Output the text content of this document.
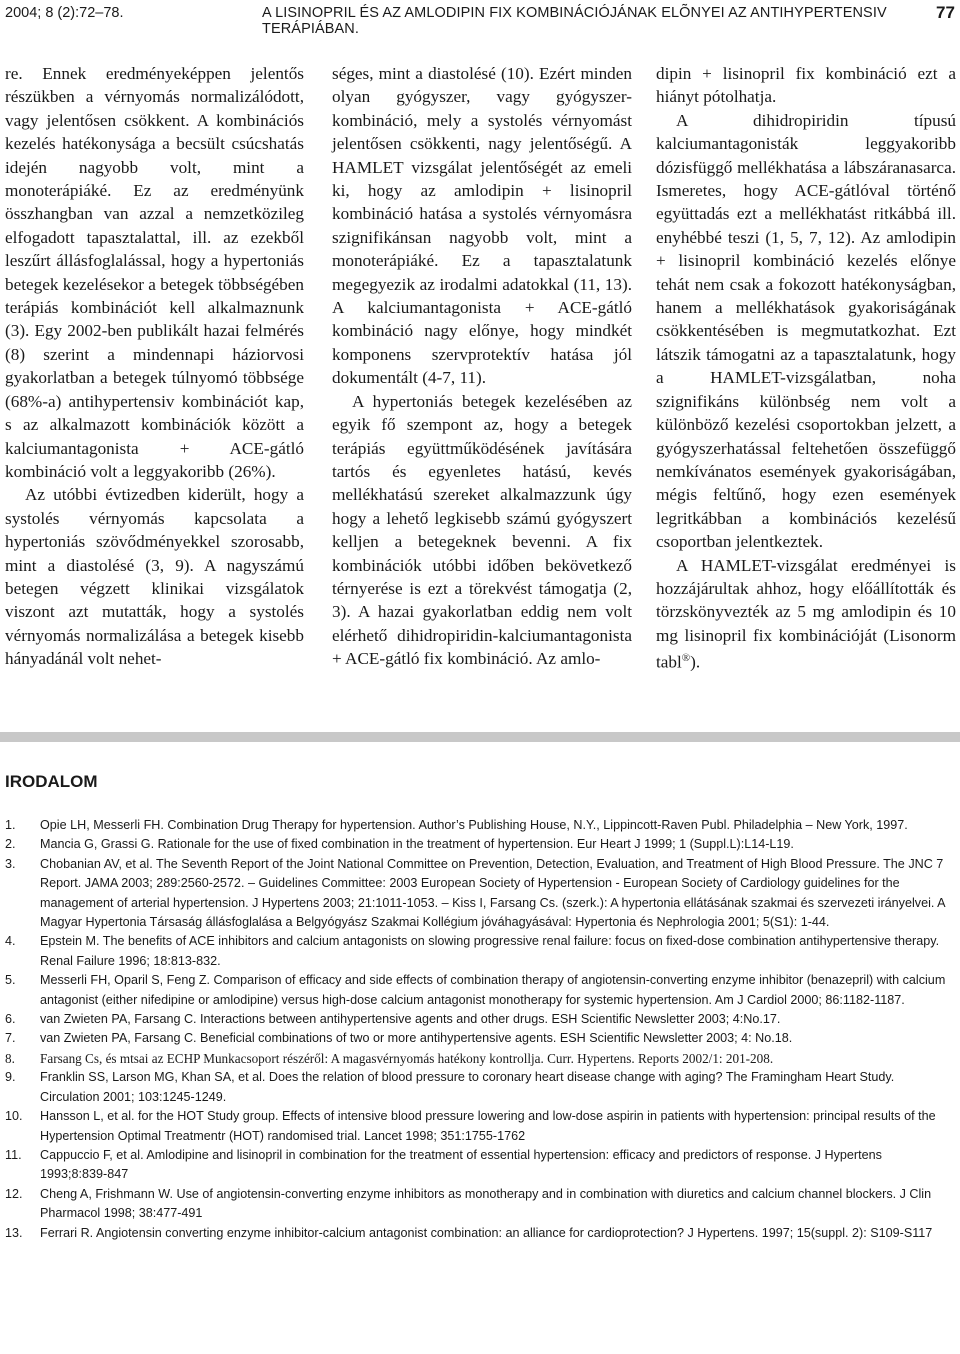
2004; 8 (2):72–78.	A LISINOPRIL ÉS AZ AMLODIPIN FIX KOMBINÁCIÓJÁNAK ELÕNYEI AZ ANTIHYPERTENSIV TERÁPIÁBAN.
77

re. Ennek eredményeképpen jelentős részükben a vérnyomás normalizálódott, vagy jelentősen csökkent. A kombinációs kezelés hatékonysága a becsült csúcshatás idején nagyobb volt, mint a monoterápiáké. Ez az eredményünk összhangban van azzal a nemzetközileg elfogadott tapasztalattal, ill. az ezekből leszűrt állásfoglalással, hogy a hypertoniás betegek kezelésekor a betegek többségében terápiás kombinációt kell alkalmaznunk (3). Egy 2002-ben publikált hazai felmérés (8) szerint a mindennapi háziorvosi gyakorlatban a betegek túlnyomó többsége (68%-a) antihypertensiv kombinációt kap, s az alkalmazott kombinációk között a kalciumantagonista + ACE-gátló kombináció volt a leggyakoribb (26%).

Az utóbbi évtizedben kiderült, hogy a systolés vérnyomás kapcsolata a hypertoniás szövődményekkel szorosabb, mint a diastolésé (3, 9). A nagyszámú betegen végzett klinikai vizsgálatok viszont azt mutatták, hogy a systolés vérnyomás normalizálása a betegek kisebb hányadánál volt nehet-

séges, mint a diastolésé (10). Ezért minden olyan gyógyszer, vagy gyógyszer-kombináció, mely a systolés vérnyomást jelentősen csökkenti, nagy jelentőségű. A HAMLET vizsgálat jelentőségét az emeli ki, hogy az amlodipin + lisinopril kombináció hatása a systolés vérnyomásra szignifikánsan nagyobb volt, mint a monoterápiáké. Ez a tapasztalatunk megegyezik az irodalmi adatokkal (11, 13). A kalciumantagonista + ACE-gátló kombináció nagy előnye, hogy mindkét komponens szervprotektív hatása jól dokumentált (4-7, 11).

A hypertoniás betegek kezelésében az egyik fő szempont az, hogy a betegek terápiás együttműködésének javítására tartós és egyenletes hatású, kevés mellékhatású szereket alkalmazzunk úgy hogy a lehető legkisebb számú gyógyszert kelljen a betegeknek bevenni. A fix kombinációk utóbbi időben bekövetkező térnyerése is ezt a törekvést támogatja (2, 3). A hazai gyakorlatban eddig nem volt elérhető dihidropiridin-kalciumantagonista + ACE-gátló fix kombináció. Az amlo-

dipin + lisinopril fix kombináció ezt a hiányt pótolhatja.

A dihidropiridin típusú kalciumantagonisták leggyakoribb dózisfüggő mellékhatása a lábszáranasarca. Ismeretes, hogy ACE-gátlóval történő együttadás ezt a mellékhatást ritkábbá ill. enyhébbé teszi (1, 5, 7, 12). Az amlodipin + lisinopril kombináció kezelés előnye tehát nem csak a fokozott hatékonyságban, hanem a mellékhatások gyakoriságának csökkentésében is megmutatkozhat. Ezt látszik támogatni az a tapasztalatunk, hogy a HAMLET-vizsgálatban, noha szignifikáns különbség nem volt a különböző kezelési csoportokban jelzett, a gyógyszerhatással feltehetően összefüggő nemkívánatos események gyakoriságában, mégis feltűnő, hogy ezen események legritkábban a kombinációs kezelésű csoportban jelentkeztek.

A HAMLET-vizsgálat eredményei is hozzájárultak ahhoz, hogy előállították és törzskönyvezték az 5 mg amlodipin és 10 mg lisinopril fix kombinációját (Lisonorm tabl®).

IRODALOM
1. Opie LH, Messerli FH. Combination Drug Therapy for hypertension. Author’s Publishing House, N.Y., Lippincott-Raven Publ. Philadelphia – New York, 1997.
2. Mancia G, Grassi G. Rationale for the use of fixed combination in the treatment of hypertension. Eur Heart J 1999; 1 (Suppl.L):L14-L19.
3. Chobanian AV, et al. The Seventh Report of the Joint National Committee on Prevention, Detection, Evaluation, and Treatment of High Blood Pressure. The JNC 7 Report. JAMA 2003; 289:2560-2572. – Guidelines Committee: 2003 European Society of Hypertension - European Society of Cardiology guidelines for the management of arterial hypertension. J Hypertens 2003; 21:1011-1053. – Kiss I, Farsang Cs. (szerk.): A hypertonia ellátásának szakmai és szervezeti irányelvei. A Magyar Hypertonia Társaság állásfoglalása a Belgyógyász Szakmai Kollégium jóváhagyásával: Hypertonia és Nephrologia 2001; 5(S1): 1-44.
4. Epstein M. The benefits of ACE inhibitors and calcium antagonists on slowing progressive renal failure: focus on fixed-dose combination antihypertensive therapy. Renal Failure 1996; 18:813-832.
5. Messerli FH, Oparil S, Feng Z. Comparison of efficacy and side effects of combination therapy of angiotensin-converting enzyme inhibitor (benazepril) with calcium antagonist (either nifedipine or amlodipine) versus high-dose calcium antagonist monotherapy for systemic hypertension. Am J Cardiol 2000; 86:1182-1187.
6. van Zwieten PA, Farsang C. Interactions between antihypertensive agents and other drugs. ESH Scientific Newsletter 2003; 4:No.17.
7. van Zwieten PA, Farsang C. Beneficial combinations of two or more antihypertensive agents. ESH Scientific Newsletter 2003; 4: No.18.
8. Farsang Cs, és mtsai az ECHP Munkacsoport részéről: A magasvérnyomás hatékony kontrollja. Curr. Hypertens. Reports 2002/1: 201-208.
9. Franklin SS, Larson MG, Khan SA, et al. Does the relation of blood pressure to coronary heart disease change with aging? The Framingham Heart Study. Circulation 2001; 103:1245-1249.
10. Hansson L, et al. for the HOT Study group. Effects of intensive blood pressure lowering and low-dose aspirin in patients with hypertension: principal results of the Hypertension Optimal Treatmentr (HOT) randomised trial. Lancet 1998; 351:1755-1762
11. Cappuccio F, et al. Amlodipine and lisinopril in combination for the treatment of essential hypertension: efficacy and predictors of response. J Hypertens 1993;8:839-847
12. Cheng A, Frishmann W. Use of angiotensin-converting enzyme inhibitors as monotherapy and in combination with diuretics and calcium channel blockers. J Clin Pharmacol 1998; 38:477-491
13. Ferrari R. Angiotensin converting enzyme inhibitor-calcium antagonist combination: an alliance for cardioprotection? J Hypertens. 1997; 15(suppl. 2): S109-S117
